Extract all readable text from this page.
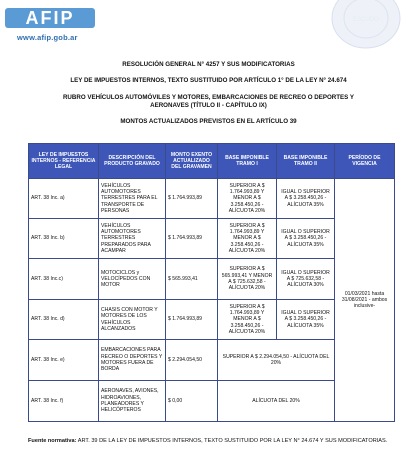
AFIP
www.afip.gob.ar
ESCUDO
RESOLUCIÓN GENERAL N° 4257 Y SUS MODIFICATORIAS
LEY DE IMPUESTOS INTERNOS, TEXTO SUSTITUIDO POR ARTÍCULO 1° DE LA LEY N° 24.674
RUBRO VEHÍCULOS AUTOMÓVILES Y MOTORES, EMBARCACIONES DE RECREO O DEPORTES Y
AERONAVES (TÍTULO II - CAPÍTULO IX)
MONTOS ACTUALIZADOS PREVISTOS EN EL ARTÍCULO 39
LEY DE IMPUESTOS INTERNOS - REFERENCIA LEGAL	DESCRIPCIÓN DEL PRODUCTO GRAVADO	MONTO EXENTO ACTUALIZADO DEL GRAVAMEN	BASE IMPONIBLE TRAMO I	BASE IMPONIBLE TRAMO II	PERÍODO DE VIGENCIA
ART. 38 Inc. a)	VEHÍCULOS AUTOMOTORES TERRESTRES PARA EL TRANSPORTE DE PERSONAS	$ 1.764.993,89	SUPERIOR A $ 1.764.993,89 Y MENOR A $ 3.258.450,26 - ALÍCUOTA 20%	IGUAL O SUPERIOR A $ 3.258.450,26 - ALÍCUOTA 35%	01/03/2021 hasta 31/08/2021 - ambos inclusive-
ART. 38 Inc. b)	VEHÍCULOS AUTOMOTORES TERRESTRES PREPARADOS PARA ACAMPAR	$ 1.764.993,89	SUPERIOR A $ 1.764.993,89 Y MENOR A $ 3.258.450,26 - ALÍCUOTA 20%	IGUAL O SUPERIOR A $ 3.258.450,26 - ALÍCUOTA 35%	
ART. 38 Inc.c)	MOTOCICLOS y VELOCÍPEDOS CON MOTOR	$ 565.993,41	SUPERIOR A $ 565.993,41 Y MENOR A $ 725.632,58 - ALÍCUOTA 20%	IGUAL O SUPERIOR A $ 725.632,58 - ALÍCUOTA 30%	
ART. 38 Inc. d)	CHASIS CON MOTOR Y MOTORES DE LOS VEHÍCULOS ALCANZADOS	$ 1.764.993,89	SUPERIOR A $ 1.764.993,89 Y MENOR A $ 3.258.450,26 - ALÍCUOTA 20%	IGUAL O SUPERIOR A $ 3.258.450,26 - ALÍCUOTA 35%	
ART. 38 Inc. e)	EMBARCACIONES PARA RECREO O DEPORTES Y MOTORES FUERA DE BORDA	$ 2.294.054,50	SUPERIOR A $ 2.294.054,50 - ALÍCUOTA DEL 20%		
ART. 38 Inc. f)	AERONAVES, AVIONES, HIDROAVIONES, PLANEADORES Y HELICÓPTEROS	$ 0,00	ALÍCUOTA DEL 20%		
Fuente normativa: ART. 39 DE LA LEY DE IMPUESTOS INTERNOS, TEXTO SUSTITUIDO POR LA LEY N° 24.674 Y SUS MODIFICATORIAS.
